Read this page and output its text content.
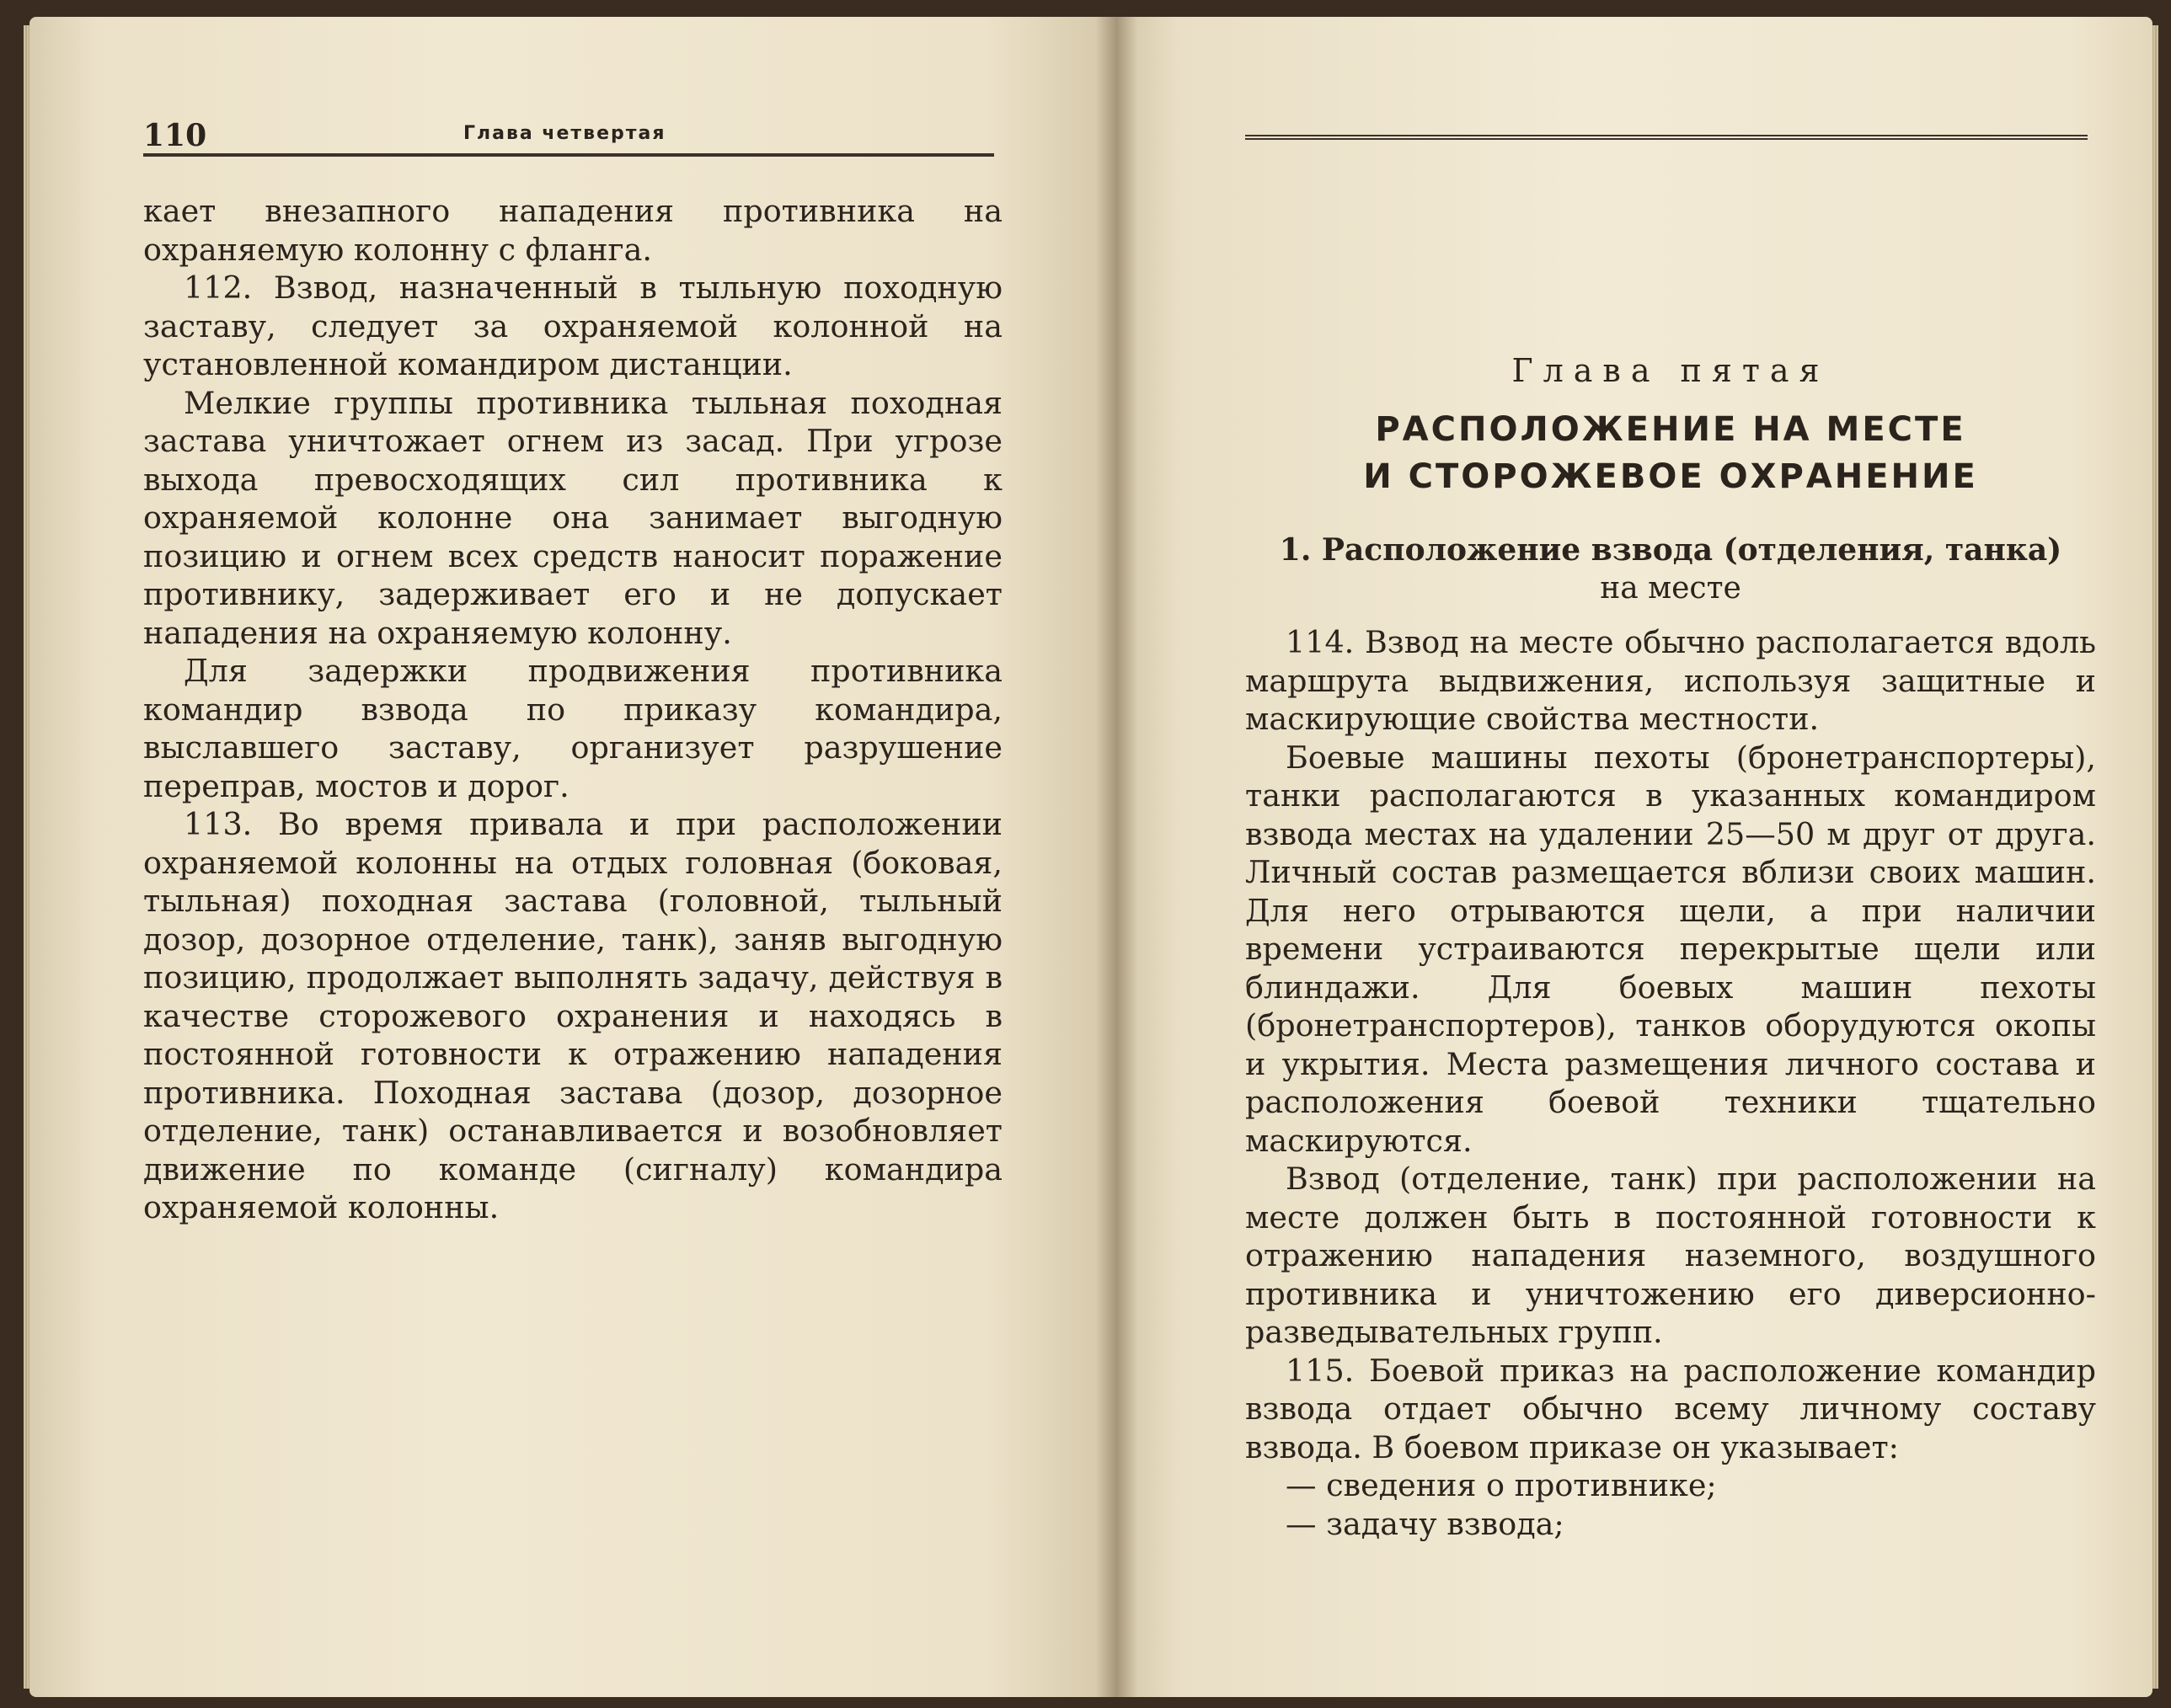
110	Глава четвертая

кает внезапного нападения противника на охраняемую колонну с фланга.

112. Взвод, назначенный в тыльную походную заставу, следует за охраняемой колонной на установленной командиром дистанции.

Мелкие группы противника тыльная походная застава уничтожает огнем из засад. При угрозе выхода превосходящих сил противника к охраняемой колонне она занимает выгодную позицию и огнем всех средств наносит поражение противнику, задерживает его и не допускает нападения на охраняемую колонну.

Для задержки продвижения противника командир взвода по приказу командира, выславшего заставу, организует разрушение переправ, мостов и дорог.

113. Во время привала и при расположении охраняемой колонны на отдых головная (боковая, тыльная) походная застава (головной, тыльный дозор, дозорное отделение, танк), заняв выгодную позицию, продолжает выполнять задачу, действуя в качестве сторожевого охранения и находясь в постоянной готовности к отражению нападения противника. Походная застава (дозор, дозорное отделение, танк) останавливается и возобновляет движение по команде (сигналу) командира охраняемой колонны.

Глава пятая
РАСПОЛОЖЕНИЕ НА МЕСТЕ
И СТОРОЖЕВОЕ ОХРАНЕНИЕ
1. Расположение взвода (отделения, танка)
на месте

114. Взвод на месте обычно располагается вдоль маршрута выдвижения, используя защитные и маскирующие свойства местности.

Боевые машины пехоты (бронетранспортеры), танки располагаются в указанных командиром взвода местах на удалении 25—50 м друг от друга. Личный состав размещается вблизи своих машин. Для него отрываются щели, а при наличии времени устраиваются перекрытые щели или блиндажи. Для боевых машин пехоты (бронетранспортеров), танков оборудуются окопы и укрытия. Места размещения личного состава и расположения боевой техники тщательно маскируются.

Взвод (отделение, танк) при расположении на месте должен быть в постоянной готовности к отражению нападения наземного, воздушного противника и уничтожению его диверсионно-разведывательных групп.

115. Боевой приказ на расположение командир взвода отдает обычно всему личному составу взвода. В боевом приказе он указывает:

— сведения о противнике;

— задачу взвода;
